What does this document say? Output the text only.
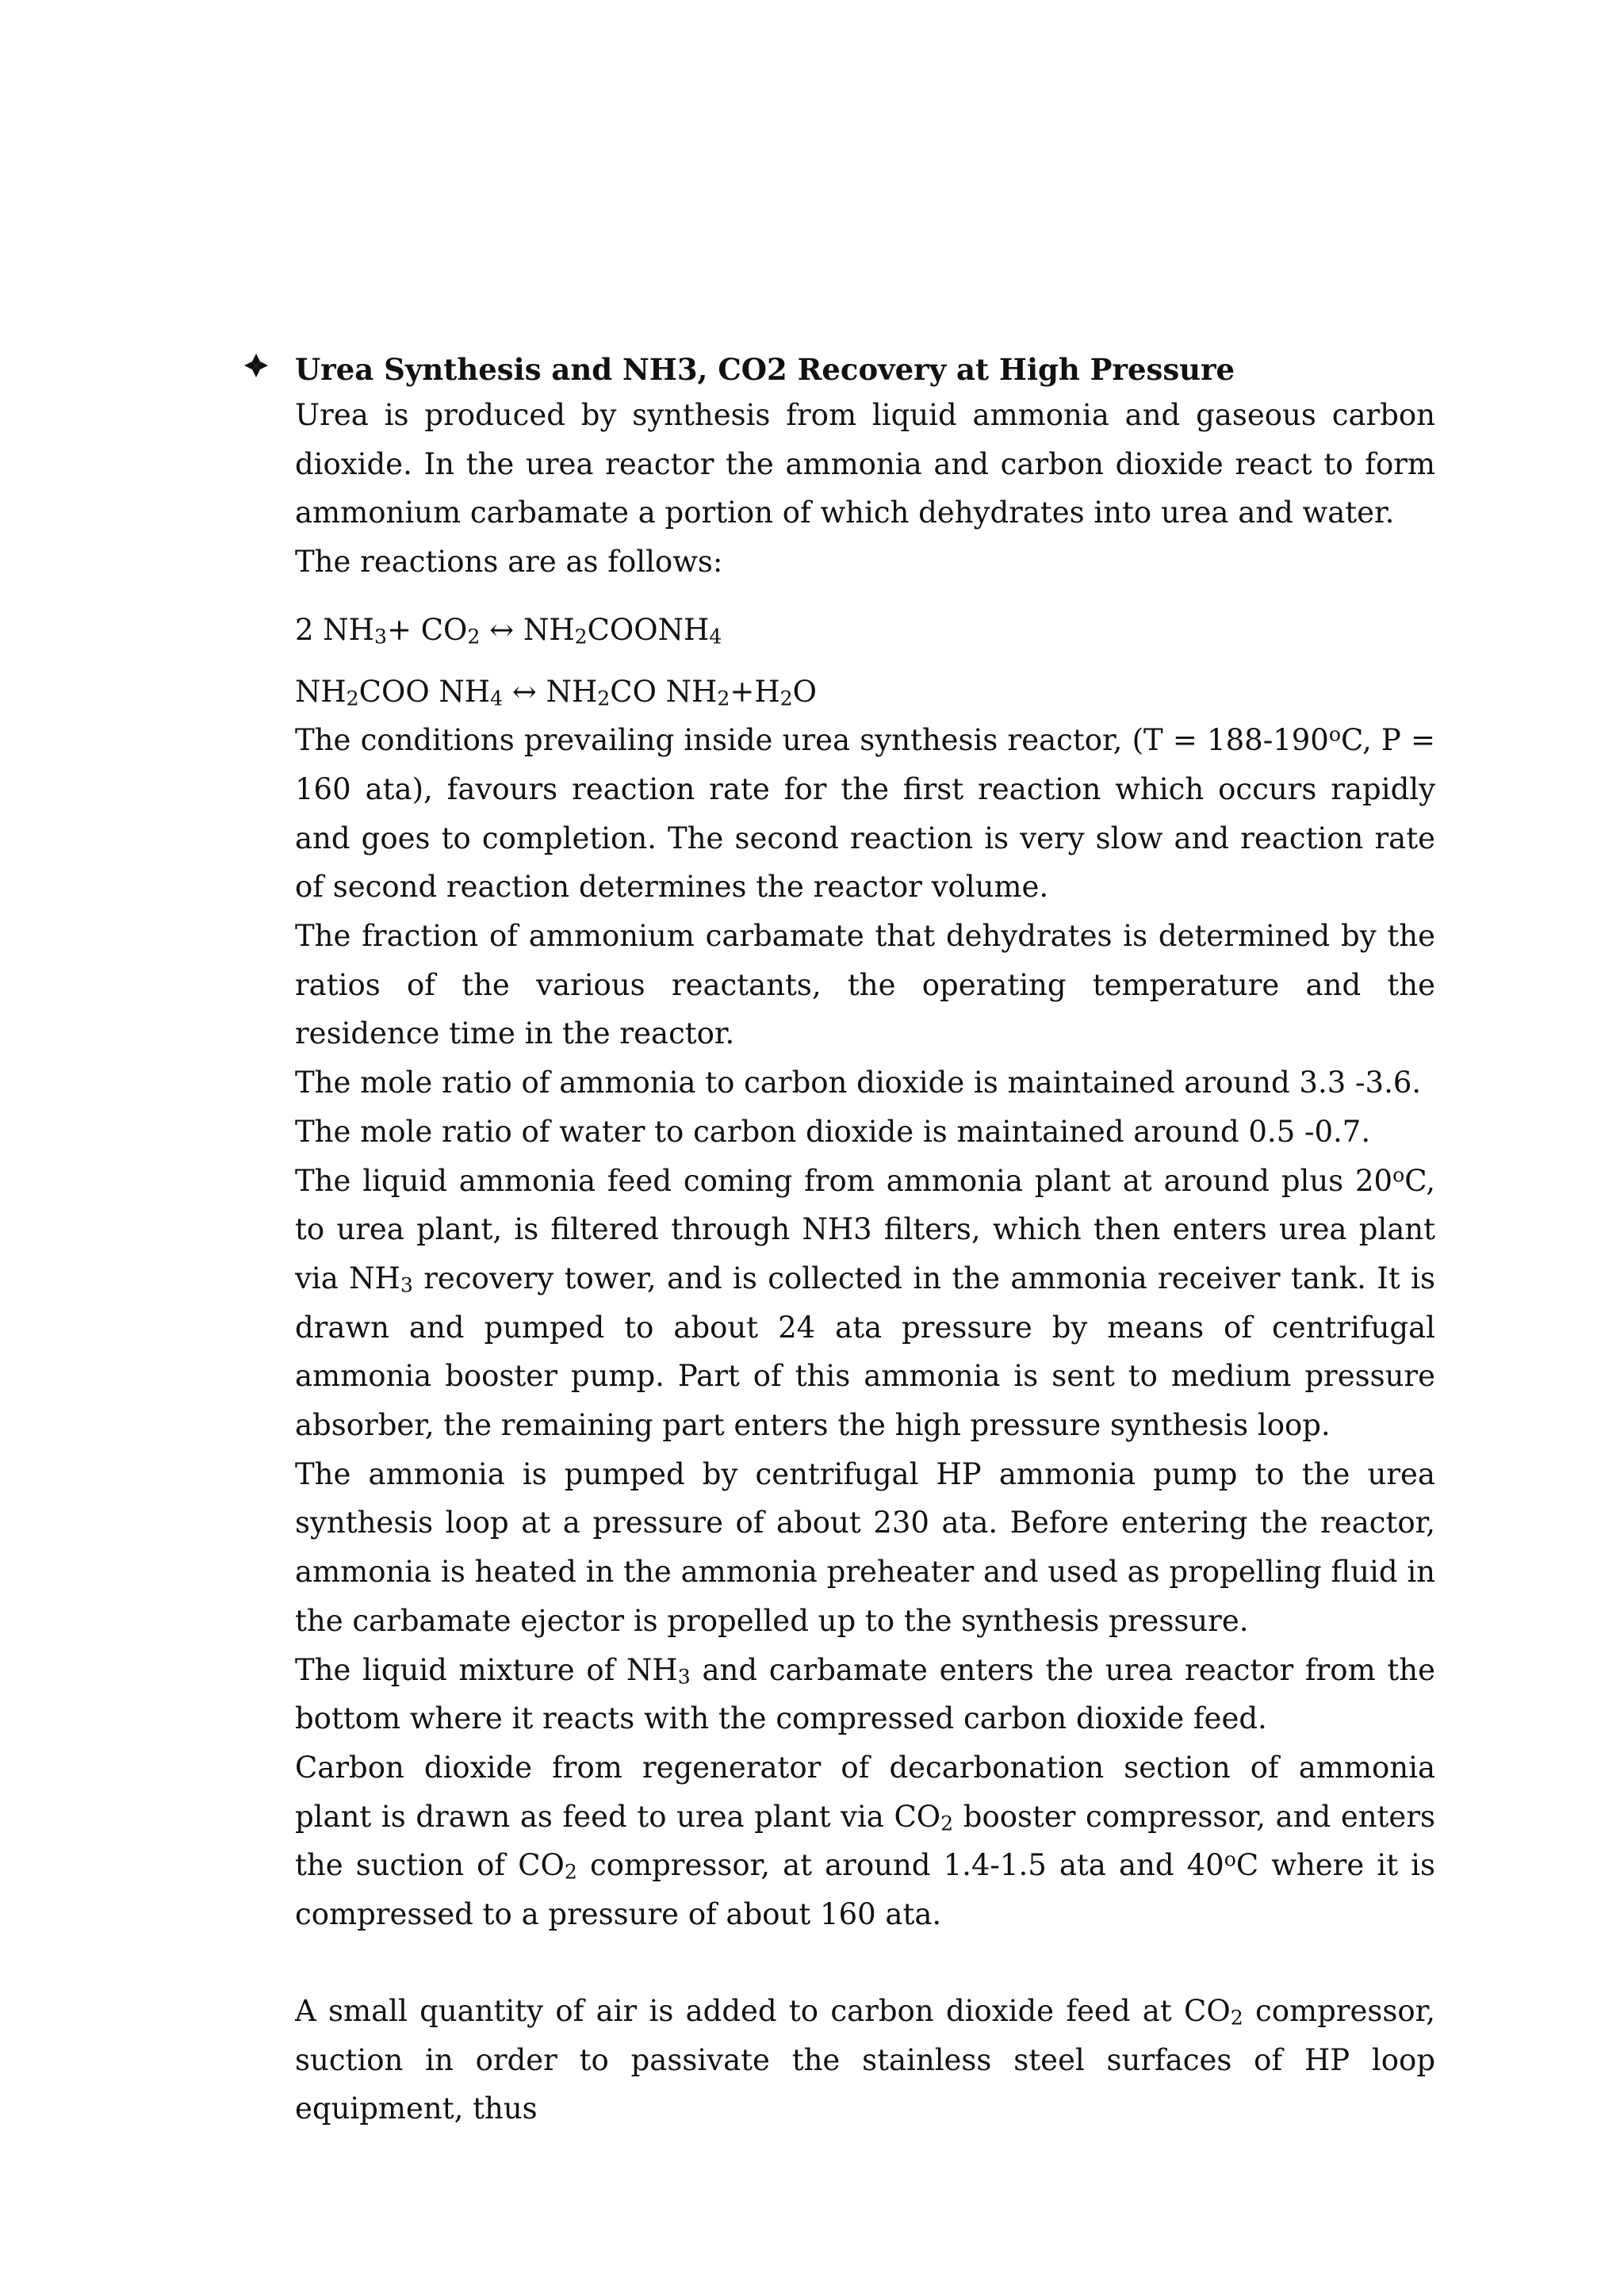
Urea Synthesis and NH3, CO2 Recovery at High Pressure

Urea is produced by synthesis from liquid ammonia and gaseous carbon dioxide. In the urea reactor the ammonia and carbon dioxide react to form ammonium carbamate a portion of which dehydrates into urea and water.

The reactions are as follows:

2 $NH_3+ CO_2$ ↔ $NH_2COONH_4$

$NH_2COO$ $NH_4$ ↔ $NH_2CO$ $NH_2+H_2O$

The conditions prevailing inside urea synthesis reactor, ($T = 188-190^oC$, P = 160 ata), favours reaction rate for the first reaction which occurs rapidly and goes to completion. The second reaction is very slow and reaction rate of second reaction determines the reactor volume.

The fraction of ammonium carbamate that dehydrates is determined by the ratios of the various reactants, the operating temperature and the residence time in the reactor.

The mole ratio of ammonia to carbon dioxide is maintained around 3.3 -3.6.

The mole ratio of water to carbon dioxide is maintained around 0.5 -0.7.

The liquid ammonia feed coming from ammonia plant at around plus 20$^o$C, to urea plant, is filtered through NH3 filters, which then enters urea plant via $NH_3$ recovery tower, and is collected in the ammonia receiver tank. It is drawn and pumped to about 24 ata pressure by means of centrifugal ammonia booster pump. Part of this ammonia is sent to medium pressure absorber, the remaining part enters the high pressure synthesis loop.

The ammonia is pumped by centrifugal HP ammonia pump to the urea synthesis loop at a pressure of about 230 ata. Before entering the reactor, ammonia is heated in the ammonia preheater and used as propelling fluid in the carbamate ejector is propelled up to the synthesis pressure.

The liquid mixture of $NH_3$ and carbamate enters the urea reactor from the bottom where it reacts with the compressed carbon dioxide feed.

Carbon dioxide from regenerator of decarbonation section of ammonia plant is drawn as feed to urea plant via $CO_2$ booster compressor, and enters the suction of $CO_2$ compressor, at around 1.4-1.5 ata and 40$^o$C where it is compressed to a pressure of about 160 ata.

A small quantity of air is added to carbon dioxide feed at $CO_2$ compressor, suction in order to passivate the stainless steel surfaces of HP loop equipment, thus
